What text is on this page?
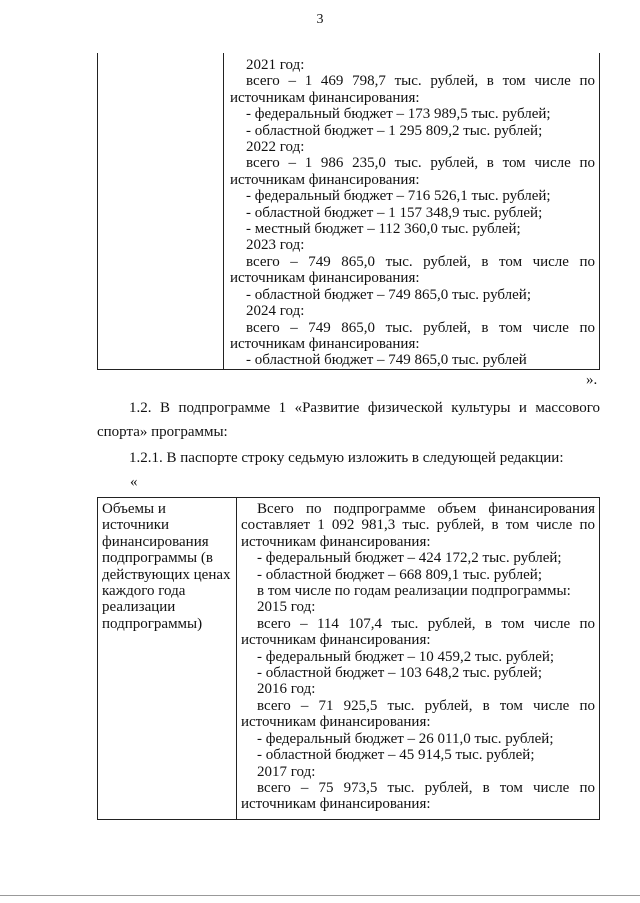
3
2021 год:
всего – 1 469 798,7 тыс. рублей, в том числе по
источникам финансирования:
- федеральный бюджет – 173 989,5 тыс. рублей;
- областной бюджет – 1 295 809,2 тыс. рублей;
2022 год:
всего – 1 986 235,0 тыс. рублей, в том числе по
источникам финансирования:
- федеральный бюджет – 716 526,1 тыс. рублей;
- областной бюджет – 1 157 348,9 тыс. рублей;
- местный бюджет – 112 360,0 тыс. рублей;
2023 год:
всего – 749 865,0 тыс. рублей, в том числе по
источникам финансирования:
- областной бюджет – 749 865,0 тыс. рублей;
2024 год:
всего – 749 865,0 тыс. рублей, в том числе по
источникам финансирования:
- областной бюджет – 749 865,0 тыс. рублей
».
1.2. В подпрограмме 1 «Развитие физической культуры и массового спорта» программы:
1.2.1. В паспорте строку седьмую изложить в следующей редакции:
«
Объемы и
источники
финансирования
подпрограммы (в
действующих ценах
каждого года
реализации
подпрограммы)
Всего по подпрограмме объем финансирования
составляет 1 092 981,3 тыс. рублей, в том числе по
источникам финансирования:
- федеральный бюджет – 424 172,2 тыс. рублей;
- областной бюджет – 668 809,1 тыс. рублей;
в том числе по годам реализации подпрограммы:
2015 год:
всего – 114 107,4 тыс. рублей, в том числе по
источникам финансирования:
- федеральный бюджет – 10 459,2 тыс. рублей;
- областной бюджет – 103 648,2 тыс. рублей;
2016 год:
всего – 71 925,5 тыс. рублей, в том числе по
источникам финансирования:
- федеральный бюджет – 26 011,0 тыс. рублей;
- областной бюджет – 45 914,5 тыс. рублей;
2017 год:
всего – 75 973,5 тыс. рублей, в том числе по
источникам финансирования:
